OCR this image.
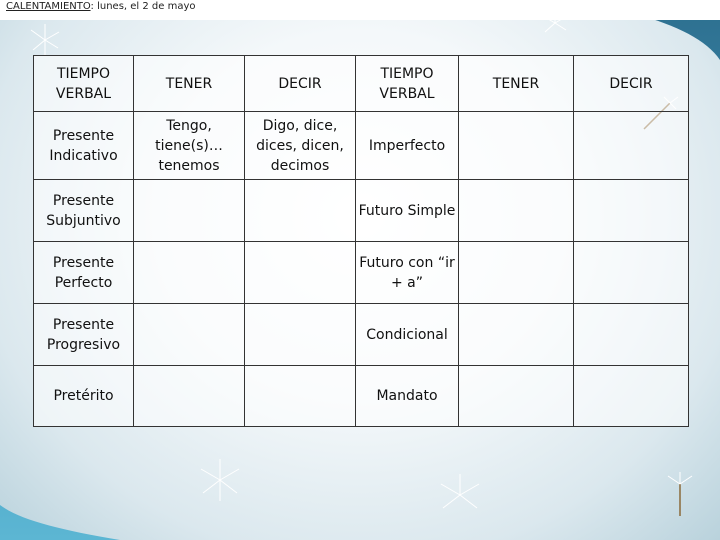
CALENTAMIENTO: lunes, el 2 de mayo
TIEMPO VERBAL	TENER	DECIR	TIEMPO VERBAL	TENER	DECIR
Presente Indicativo	Tengo, tiene(s)… tenemos	Digo, dice, dices, dicen, decimos	Imperfecto		
Presente Subjuntivo			Futuro Simple		
Presente Perfecto			Futuro con “ir + a”		
Presente Progresivo			Condicional		
Pretérito			Mandato		
